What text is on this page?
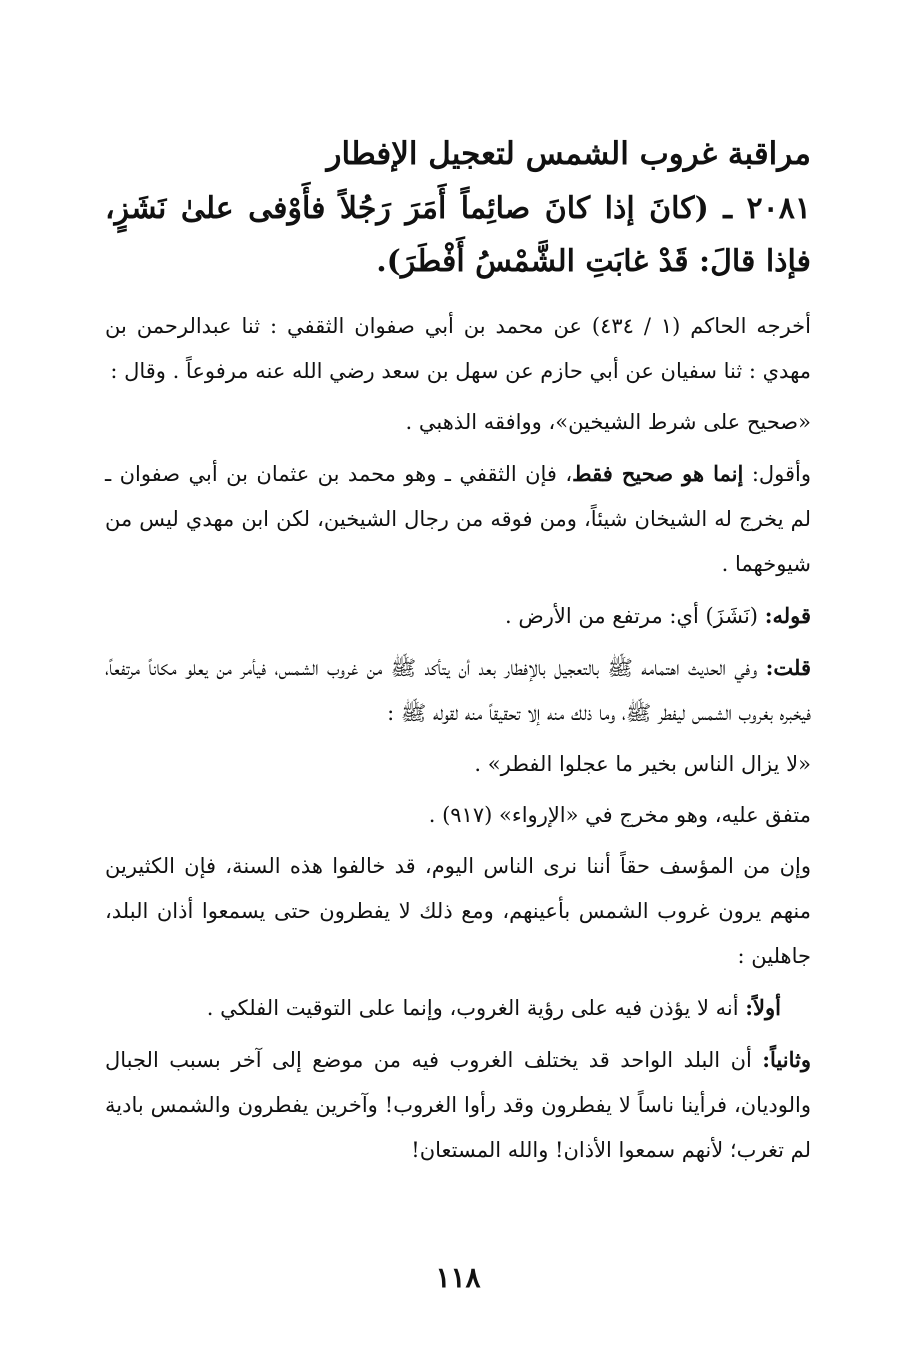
مراقبة غروب الشمس لتعجيل الإفطار

٢٠٨١ ـ (كانَ إذا كانَ صائِماً أَمَرَ رَجُلاً فأَوْفى علىٰ نَشَزٍ، فإذا قالَ: قَدْ غابَتِ الشَّمْسُ أَفْطَرَ).

أخرجه الحاكم (١ / ٤٣٤) عن محمد بن أبي صفوان الثقفي : ثنا عبدالرحمن بن مهدي : ثنا سفيان عن أبي حازم عن سهل بن سعد رضي الله عنه مرفوعاً . وقال :

«صحيح على شرط الشيخين»، ووافقه الذهبي .

وأقول: إنما هو صحيح فقط، فإن الثقفي ـ وهو محمد بن عثمان بن أبي صفوان ـ لم يخرج له الشيخان شيئاً، ومن فوقه من رجال الشيخين، لكن ابن مهدي ليس من شيوخهما .

قوله: (نَشَزَ) أي: مرتفع من الأرض .

قلت: وفي الحديث اهتمامه ﷺ بالتعجيل بالإفطار بعد أن يتأكد ﷺ من غروب الشمس، فيأمر من يعلو مكاناً مرتفعاً، فيخبره بغروب الشمس ليفطر ﷺ، وما ذلك منه إلا تحقيقاً منه لقوله ﷺ :

«لا يزال الناس بخير ما عجلوا الفطر» .

متفق عليه، وهو مخرج في «الإرواء» (٩١٧) .

وإن من المؤسف حقاً أننا نرى الناس اليوم، قد خالفوا هذه السنة، فإن الكثيرين منهم يرون غروب الشمس بأعينهم، ومع ذلك لا يفطرون حتى يسمعوا أذان البلد، جاهلين :

أولاً: أنه لا يؤذن فيه على رؤية الغروب، وإنما على التوقيت الفلكي .

وثانياً: أن البلد الواحد قد يختلف الغروب فيه من موضع إلى آخر بسبب الجبال والوديان، فرأينا ناساً لا يفطرون وقد رأوا الغروب! وآخرين يفطرون والشمس بادية لم تغرب؛ لأنهم سمعوا الأذان! والله المستعان!

١١٨
